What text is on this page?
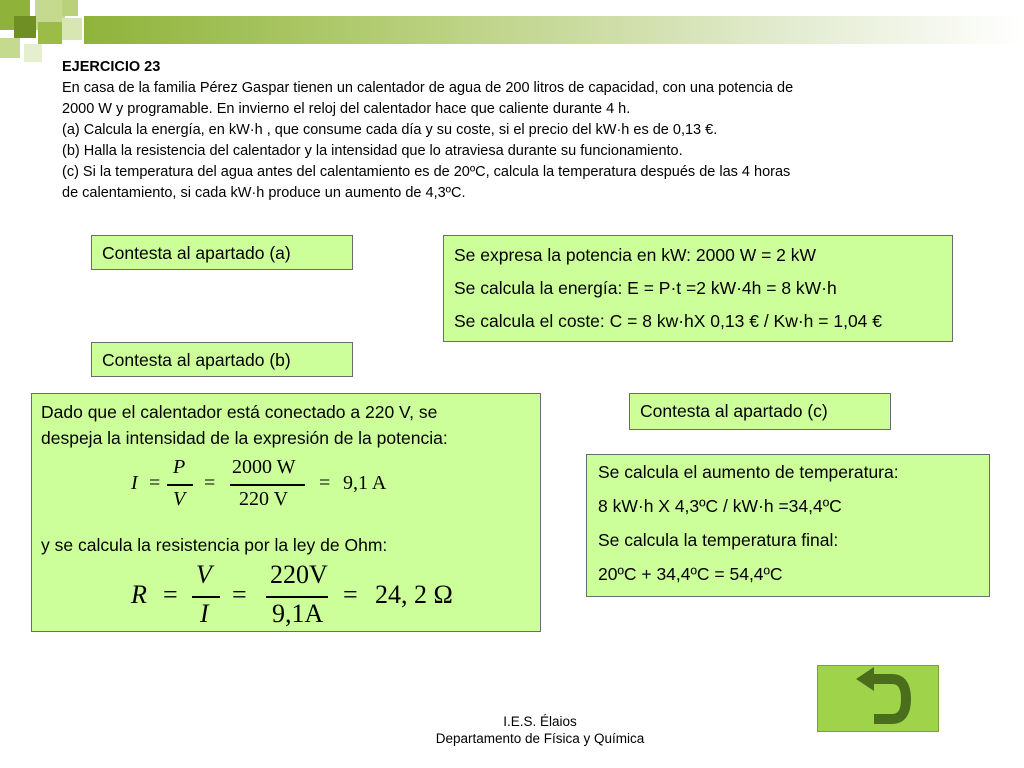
EJERCICIO 23
En casa de la familia Pérez Gaspar tienen un calentador de agua de 200 litros de capacidad, con una potencia de
2000 W y programable. En invierno el reloj del calentador hace que caliente durante 4 h.
(a) Calcula la energía, en kW·h , que consume cada día y su coste, si el precio del kW·h es de 0,13 €.
(b) Halla la resistencia del calentador y la intensidad que lo atraviesa durante su funcionamiento.
(c) Si la temperatura del agua antes del calentamiento es de 20ºC, calcula la temperatura después de las 4 horas
de calentamiento, si cada kW·h produce un aumento de 4,3ºC.
Contesta al apartado (a)	Se expresa la potencia en kW: 2000 W = 2 kW
Se calcula la energía: E = P·t =2 kW·4h = 8 kW·h
Se calcula el coste: C = 8 kw·hX 0,13 € / Kw·h = 1,04 €
Contesta al apartado (b)
Dado que el calentador está conectado a 220 V, se
despeja la intensidad de la expresión de la potencia:
I =
P
V
=
2000 W
220 V
= 9,1 A
y se calcula la resistencia por la ley de Ohm:
R =
V
I
=
220V
9,1A
= 24, 2 Ω
Contesta al apartado (c)
Se calcula el aumento de temperatura:
8 kW·h X 4,3ºC / kW·h =34,4ºC
Se calcula la temperatura final:
20ºC + 34,4ºC = 54,4ºC
I.E.S. Élaios
Departamento de Física y Química
